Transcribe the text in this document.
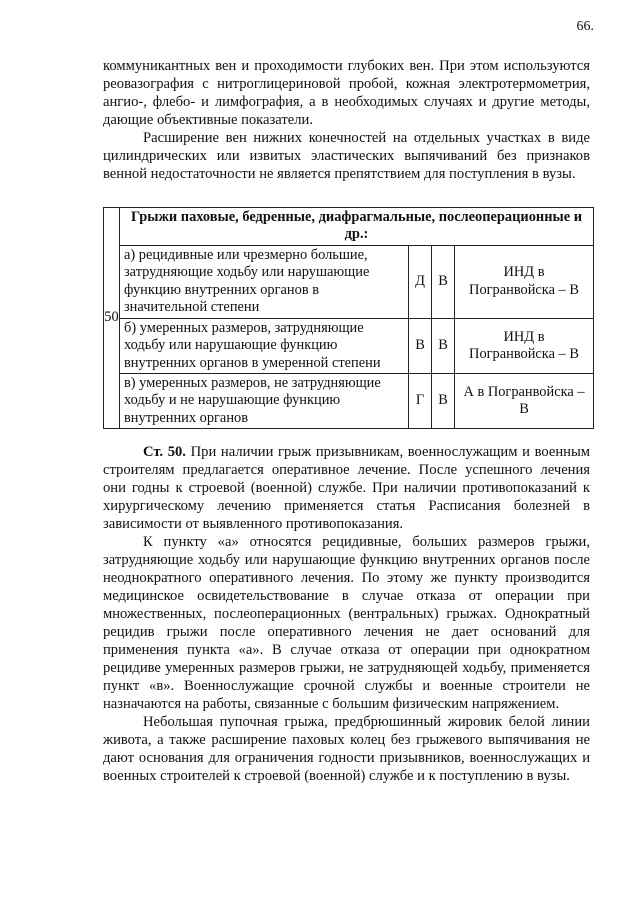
66.

коммуникантных вен и проходимости глубоких вен. При этом используются реовазография с нитроглицериновой пробой, кожная электротермометрия, ангио-, флебо- и лимфография, а в необходимых случаях и другие методы, дающие объективные показатели.

Расширение вен нижних конечностей на отдельных участках в виде цилиндрических или извитых эластических выпячиваний без признаков венной недостаточности не является препятствием для поступления в вузы.

50	Грыжи паховые, бедренные, диафрагмальные, послеоперационные и др.:			
	а) рецидивные или чрезмерно большие, затрудняющие ходьбу или нарушающие функцию внутренних органов в значительной степени	Д	В	ИНД в Погранвойска – В
	б) умеренных размеров, затрудняющие ходьбу или нарушающие функцию внутренних органов в умеренной степени	В	В	ИНД в Погранвойска – В
	в) умеренных размеров, не затрудняющие ходьбу и не нарушающие функцию внутренних органов	Г	В	А в Погранвойска – В

Ст. 50. При наличии грыж призывникам, военнослужащим и военным строителям предлагается оперативное лечение. После успешного лечения они годны к строевой (военной) службе. При наличии противопоказаний к хирургическому лечению применяется статья Расписания болезней в зависимости от выявленного противопоказания.

К пункту «а» относятся рецидивные, больших размеров грыжи, затрудняющие ходьбу или нарушающие функцию внутренних органов после неоднократного оперативного лечения. По этому же пункту производится медицинское освидетельствование в случае отказа от операции при множественных, послеоперационных (вентральных) грыжах. Однократный рецидив грыжи после оперативного лечения не дает оснований для применения пункта «а». В случае отказа от операции при однократном рецидиве умеренных размеров грыжи, не затрудняющей ходьбу, применяется пункт «в». Военнослужащие срочной службы и военные строители не назначаются на работы, связанные с большим физическим напряжением.

Небольшая пупочная грыжа, предбрюшинный жировик белой линии живота, а также расширение паховых колец без грыжевого выпячивания не дают основания для ограничения годности призывников, военнослужащих и военных строителей к строевой (военной) службе и к поступлению в вузы.
